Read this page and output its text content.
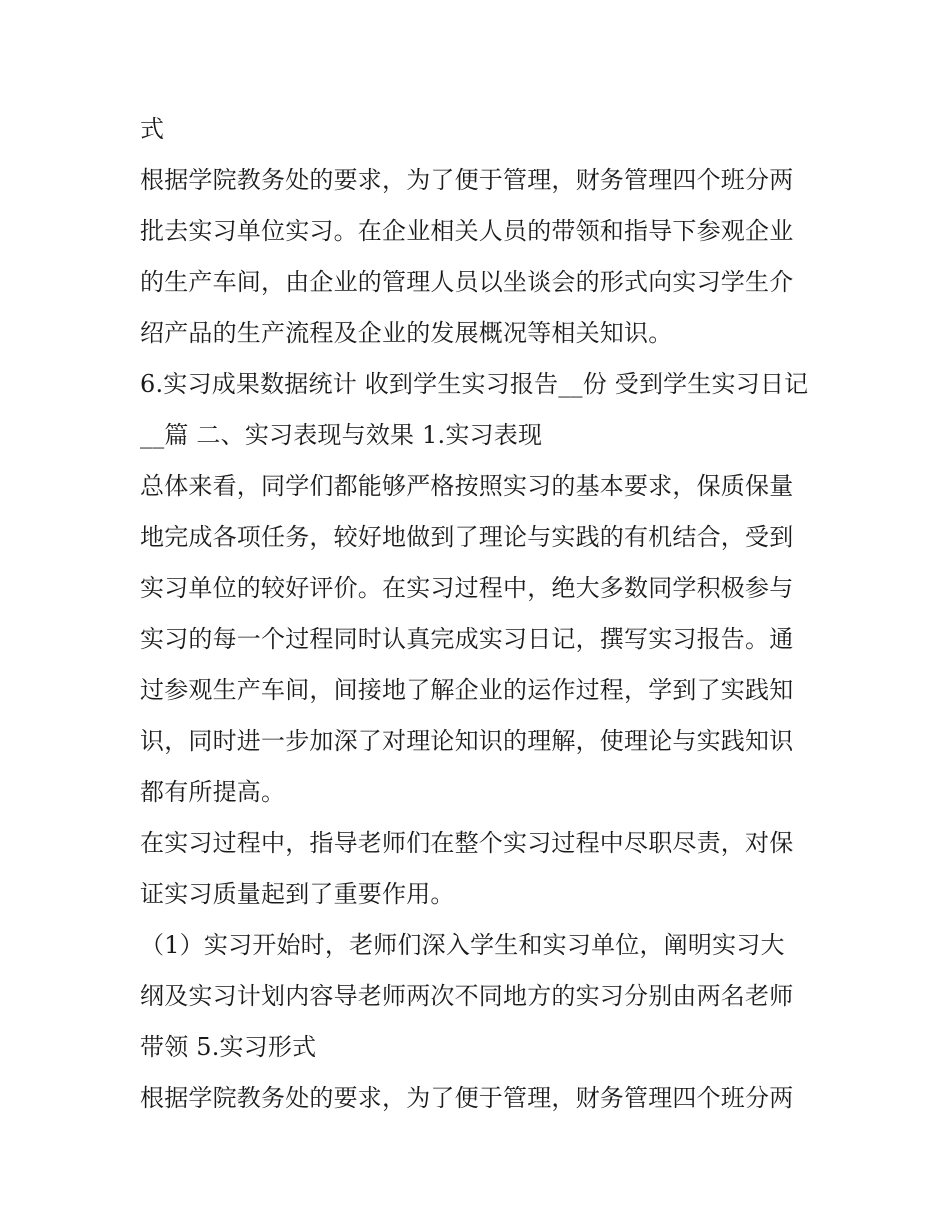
式
根据学院教务处的要求，为了便于管理，财务管理四个班分两
批去实习单位实习。在企业相关人员的带领和指导下参观企业
的生产车间，由企业的管理人员以坐谈会的形式向实习学生介
绍产品的生产流程及企业的发展概况等相关知识。
6.实习成果数据统计 收到学生实习报告__份 受到学生实习日记
__篇 二、实习表现与效果 1.实习表现
总体来看，同学们都能够严格按照实习的基本要求，保质保量
地完成各项任务，较好地做到了理论与实践的有机结合，受到
实习单位的较好评价。在实习过程中，绝大多数同学积极参与
实习的每一个过程同时认真完成实习日记，撰写实习报告。通
过参观生产车间，间接地了解企业的运作过程，学到了实践知
识，同时进一步加深了对理论知识的理解，使理论与实践知识
都有所提高。
在实习过程中，指导老师们在整个实习过程中尽职尽责，对保
证实习质量起到了重要作用。
（1）实习开始时，老师们深入学生和实习单位，阐明实习大
纲及实习计划内容导老师两次不同地方的实习分别由两名老师
带领 5.实习形式
根据学院教务处的要求，为了便于管理，财务管理四个班分两
